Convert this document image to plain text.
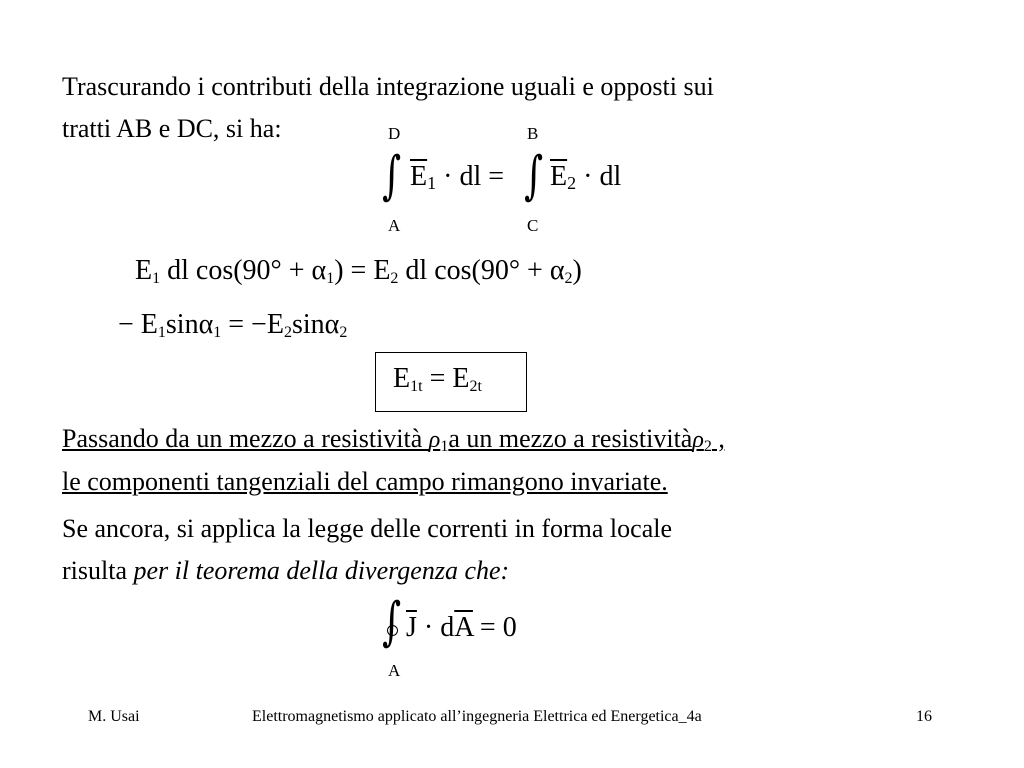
Trascurando i contributi della integrazione uguali e opposti sui
tratti AB e DC, si ha:	D
A
∫ $\overline{E}_1$ · dl =
B
C
∫ $\overline{E}_2$ · dl
$E_1$ dl $\cos(90^\circ + \alpha_1) = E_2$ dl $\cos(90^\circ + \alpha_2)$
− $E_1\sin\alpha_1 = -E_2\sin\alpha_2$
$E_{1t} = E_{2t}$
Passando da un mezzo a resistività $\rho_1a$ un mezzo a resistivitàρ$_2$ ,
le componenti tangenziali del campo rimangono invariate.
Se ancora, si applica la legge delle correnti in forma locale
risulta per il teorema della divergenza che:
∫
A
$\overline{J} \cdot d\overline{A} = 0$
M. Usai	Elettromagnetismo applicato all’ingegneria Elettrica ed Energetica_4a	16
